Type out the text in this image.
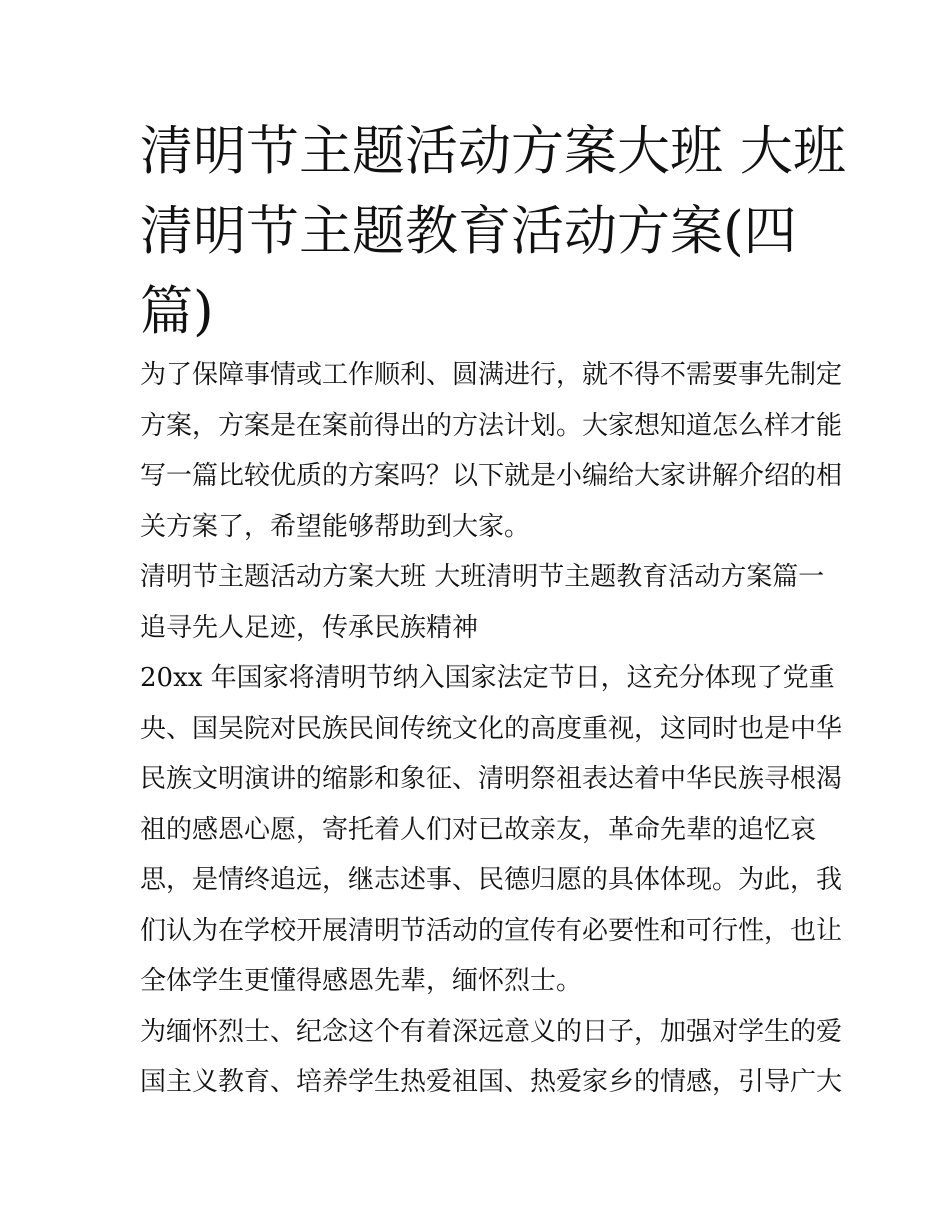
清明节主题活动方案大班 大班
清明节主题教育活动方案(四
篇)
为了保障事情或工作顺利、圆满进行，就不得不需要事先制定
方案，方案是在案前得出的方法计划。大家想知道怎么样才能
写一篇比较优质的方案吗？以下就是小编给大家讲解介绍的相
关方案了，希望能够帮助到大家。
清明节主题活动方案大班 大班清明节主题教育活动方案篇一
追寻先人足迹，传承民族精神
20xx 年国家将清明节纳入国家法定节日，这充分体现了党重
央、国吴院对民族民间传统文化的高度重视，这同时也是中华
民族文明演讲的缩影和象征、清明祭祖表达着中华民族寻根渴
祖的感恩心愿，寄托着人们对已故亲友，革命先辈的追忆哀
思，是情终追远，继志述事、民德归愿的具体体现。为此，我
们认为在学校开展清明节活动的宣传有必要性和可行性，也让
全体学生更懂得感恩先辈，缅怀烈士。
为缅怀烈士、纪念这个有着深远意义的日子，加强对学生的爱
国主义教育、培养学生热爱祖国、热爱家乡的情感，引导广大
